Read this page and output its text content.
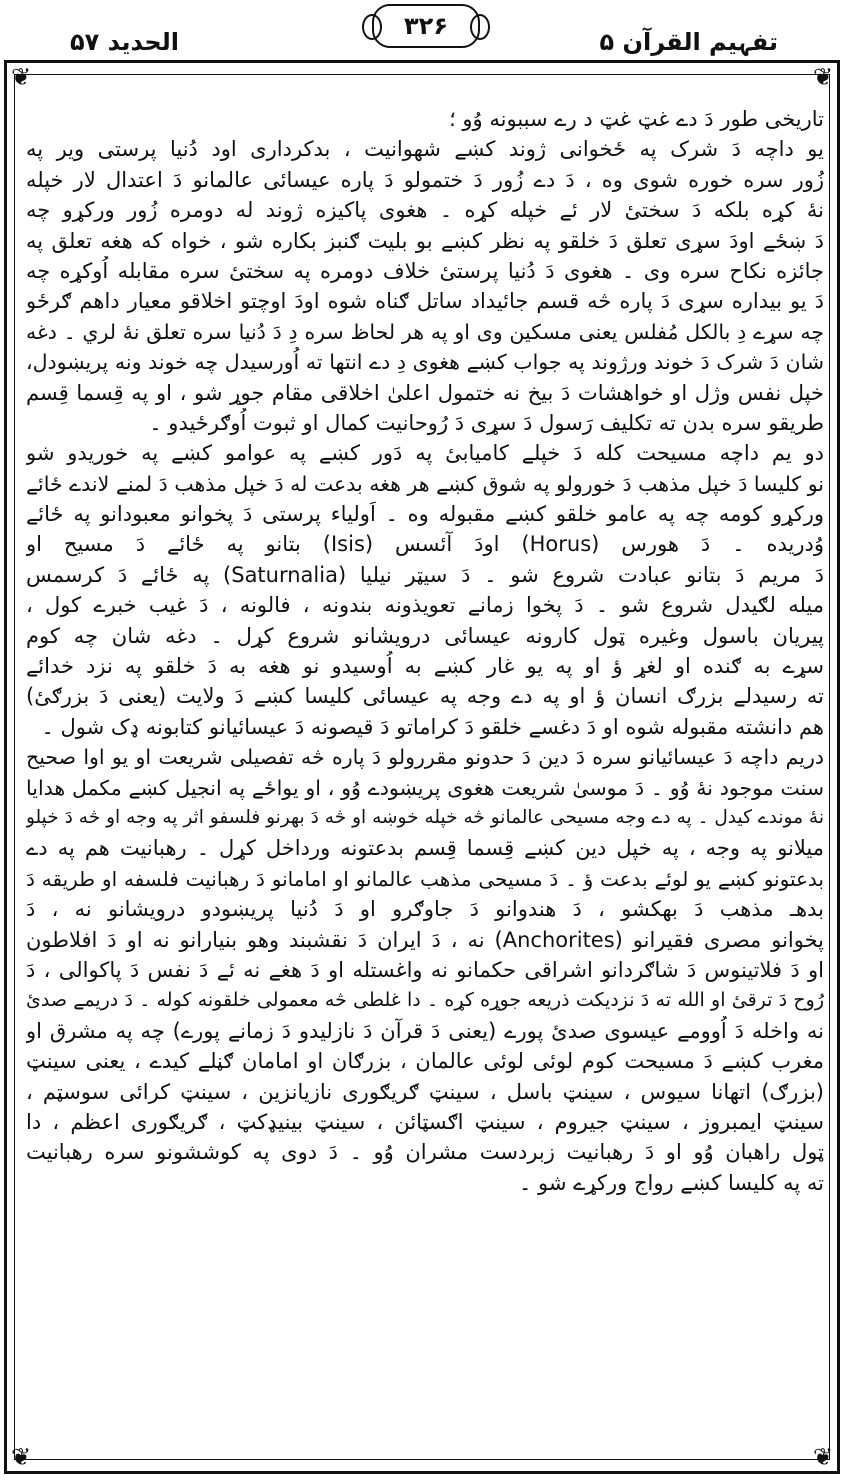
الحدید ۵۷
۳۲۶
تفہیم القرآن ۵
❦	❦
❦	❦
تاریخی طور دَ دے غټ غټ د رے سببونه وُو ؛
یو داچه دَ شرک په ځخوانی ژوند کښے شهوانیت ، بدکرداری اود دُنیا پرستی ویر په
زُور سره خوره شوی وه ، دَ دے زُور دَ ختمولو دَ پاره عیسائی عالمانو دَ اعتدال لار خپله
نهٔ کړه بلکه دَ سختیٔ لار ئے خپله کړه ۔ هغوی پاکیزه ژوند له دومره زُور ورکړو چه
دَ ښځے اودَ سړی تعلق دَ خلقو په نظر کښے بو بلیت ګنبز بکاره شو ، خواه که هغه تعلق په
جائزه نکاح سره وی ۔ هغوی دَ دُنیا پرستیٔ خلاف دومره په سختیٔ سره مقابله اُوکړه چه
دَ یو بیداره سړی دَ پاره څه قسم جائیداد ساتل ګناه شوه اودَ اوچتو اخلاقو معیار داهم ګرځو
چه سړے دِ بالکل مُفلس یعنی مسکین وی او په هر لحاظ سره دِ دَ دُنیا سره تعلق نهٔ لري ۔ دغه
شان دَ شرک دَ خوند ورژوند په جواب کښے هغوی دِ دے انتها ته اُورسیدل چه خوند ونه پریښودل،
خپل نفس وژل او خواهشات دَ بیخ نه ختمول اعلیٰ اخلاقی مقام جوړ شو ، او په قِسما قِسم
طریقو سره بدن ته تکلیف رَسول دَ سړی دَ رُوحانیت کمال او ثبوت اُوګرځیدو ۔
دو یم داچه مسیحت کله دَ خپلے کامیابیٔ په دَور کښے په عوامو کښے په خوریدو شو
نو کلیسا دَ خپل مذهب دَ خورولو په شوق کښے هر هغه بدعت له دَ خپل مذهب دَ لمنے لاندے ځائے
ورکړو کومه چه په عامو خلقو کښے مقبوله وه ۔ اَولیاء پرستی دَ پخوانو معبودانو په ځائے
وُدریده ۔ دَ هورس (Horus) اودَ آئسس (Isis) بتانو په ځائے دَ مسیح او
دَ مریم دَ بتانو عبادت شروع شو ۔ دَ سیټر نیلیا (Saturnalia) په ځائے دَ کرسمس
میله لګیدل شروع شو ۔ دَ پخوا زمانے تعویذونه بندونه ، فالونه ، دَ غیب خبرے کول ،
پیریان باسول وغیره ټول کارونه عیسائی درویشانو شروع کړل ۔ دغه شان چه کوم
سړے به ګنده او لغړ ؤ او په یو غار کښے به اُوسیدو نو هغه به دَ خلقو په نزد خدائے
ته رسیدلے بزرګ انسان ؤ او په دے وجه په عیسائی کلیسا کښے دَ ولایت (یعنی دَ بزرګیٔ)
هم دانشته مقبوله شوه او دَ دغسے خلقو دَ کراماتو دَ قیصونه دَ عیسائیانو کتابونه ډک شول ۔
دریم داچه دَ عیسائیانو سره دَ دین دَ حدونو مقررولو دَ پاره څه تفصیلی شریعت او یو اوا صحیح
سنت موجود نهٔ وُو ۔ دَ موسیٰ شریعت هغوی پریښودے وُو ، او یواځے په انجیل کښے مکمل هدایا
نهٔ موندے کیدل ۔ په دے وجه مسیحی عالمانو څه خپله خوښه او څه دَ بهرنو فلسفو اثر په وجه او څه دَ خپلو
میلانو په وجه ، په خپل دین کښے قِسما قِسم بدعتونه ورداخل کړل ۔ رهبانیت هم په دے
بدعتونو کښے یو لوئے بدعت ؤ ۔ دَ مسیحی مذهب عالمانو او امامانو دَ رهبانیت فلسفه او طریقه دَ
بدهـ مذهب دَ بهکشو ، دَ هندوانو دَ جاوګرو او دَ دُنیا پریښودو درویشانو نه ، دَ
پخوانو مصری فقیرانو (Anchorites) نه ، دَ ایران دَ نقشبند وهو بنیارانو نه او دَ افلاطون
او دَ فلاتینوس دَ شاګردانو اشراقی حکمانو نه واغستله او دَ هغے نه ئے دَ نفس دَ پاکوالی ، دَ
رُوح دَ ترقیٔ او الله ته دَ نزدیکت ذریعه جوړه کړه ۔ دا غلطی څه معمولی خلقونه کوله ۔ دَ دریمے صدیٔ
نه واخله دَ اُوومے عیسوی صدیٔ پورے (یعنی دَ قرآن دَ نازلیدو دَ زمانے پورے) چه په مشرق او
مغرب کښے دَ مسیحت کوم لوئی لوئی عالمان ، بزرګان او امامان ګڼلے کیدے ، یعنی سینټ
(بزرګ) اتهانا سیوس ، سینټ باسل ، سینټ ګریګوری نازیانزین ، سینټ کرائی سوسټم ،
سینټ ایمبروز ، سینټ جیروم ، سینټ اګسټائن ، سینټ بینیډکټ ، ګریګوری اعظم ، دا
ټول راهبان وُو او دَ رهبانیت زبردست مشران وُو ۔ دَ دوی په کوششونو سره رهبانیت
ته په کلیسا کښے رواج ورکړے شو ۔
